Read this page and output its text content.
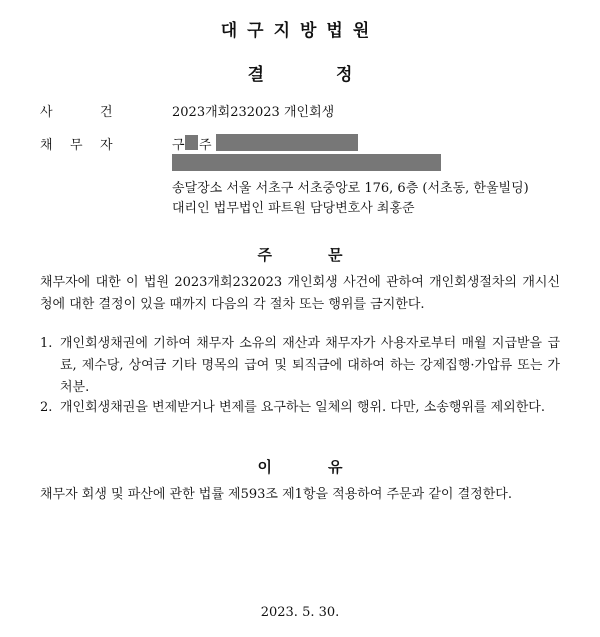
대구지방법원
결	정
사	건	2023개회232023 개인회생
채 무 자	구 주
송달장소 서울 서초구 서초중앙로 176, 6층 (서초동, 한울빌딩)
대리인 법무법인 파트원 담당변호사 최홍준
주	문
채무자에 대한 이 법원 2023개회232023 개인회생 사건에 관하여 개인회생절차의 개시신청에 대한 결정이 있을 때까지 다음의 각 절차 또는 행위를 금지한다.
1. 개인회생채권에 기하여 채무자 소유의 재산과 채무자가 사용자로부터 매월 지급받을 급료, 제수당, 상여금 기타 명목의 급여 및 퇴직금에 대하여 하는 강제집행·가압류 또는 가처분.
2. 개인회생채권을 변제받거나 변제를 요구하는 일체의 행위. 다만, 소송행위를 제외한다.
이	유
채무자 회생 및 파산에 관한 법률 제593조 제1항을 적용하여 주문과 같이 결정한다.
2023. 5. 30.
